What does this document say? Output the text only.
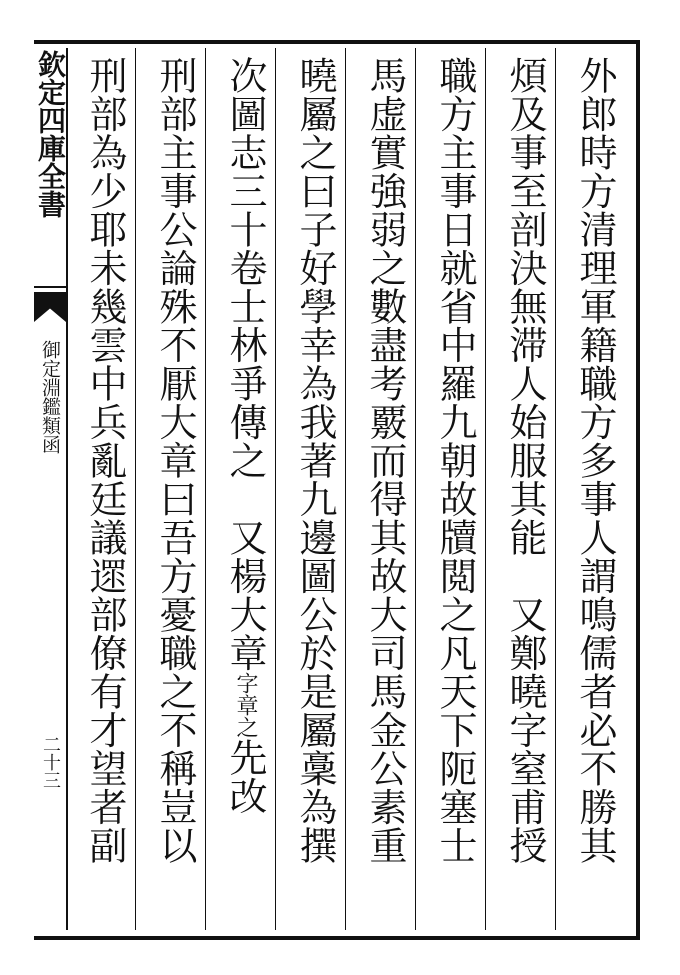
欽定四庫全書
御定淵鑑類函
二十三	外郎時方清理軍籍職方多事人謂鳴儒者必不勝其
煩及事至剖決無滞人始服其能　又鄭曉字窒甫授
職方主事日就省中羅九朝故牘閲之凡天下阨塞士
馬虚實強弱之數盡考覈而得其故大司馬金公素重
曉屬之曰子好學幸為我著九邊圖公於是屬稾為撰
次圖志三十卷士林爭傳之　又楊大章字章之先改
刑部主事公論殊不厭大章曰吾方憂職之不稱豈以
刑部為少耶未幾雲中兵亂廷議遝部僚有才望者副
